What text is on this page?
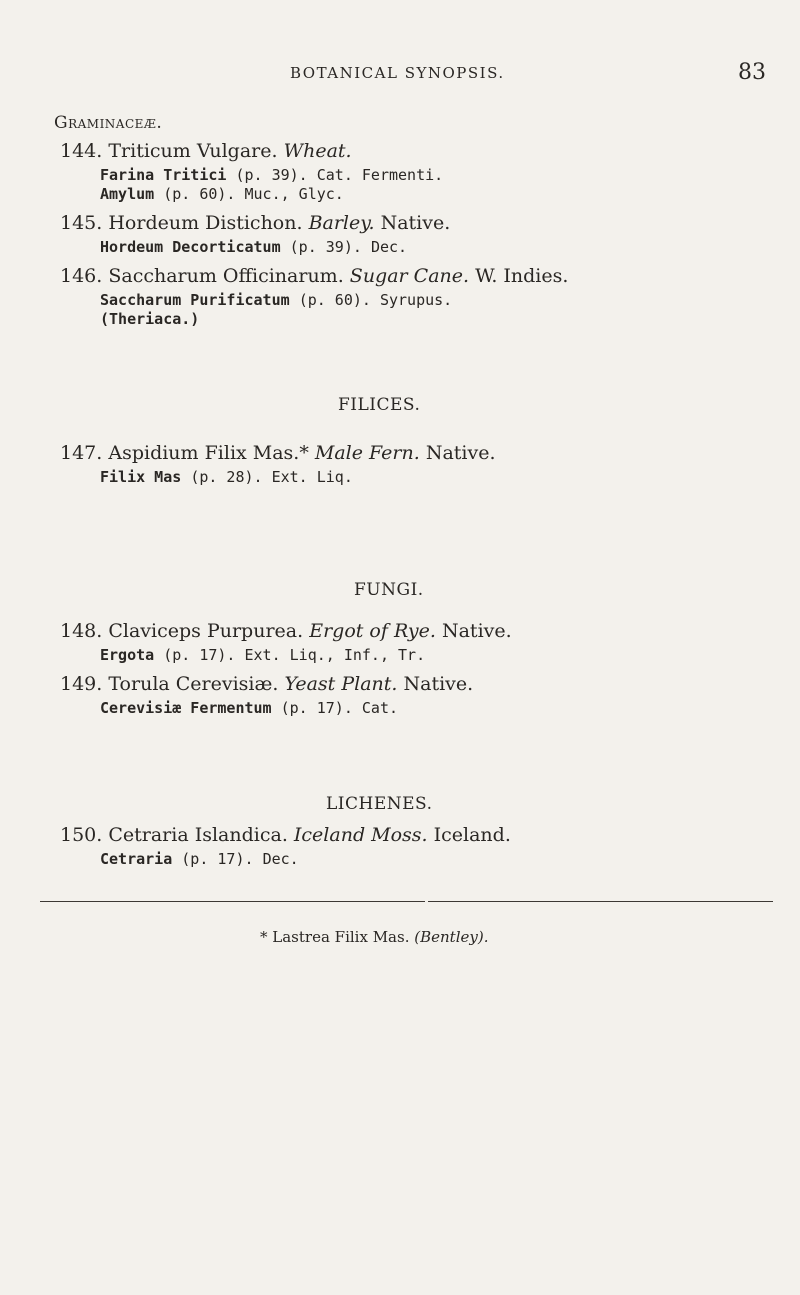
BOTANICAL SYNOPSIS.	83
Graminaceæ.
144. Triticum Vulgare. Wheat.
Farina Tritici (p. 39). Cat. Fermenti.
Amylum (p. 60). Muc., Glyc.
145. Hordeum Distichon. Barley. Native.
Hordeum Decorticatum (p. 39). Dec.
146. Saccharum Officinarum. Sugar Cane. W. Indies.
Saccharum Purificatum (p. 60). Syrupus.
(Theriaca.)
FILICES.
147. Aspidium Filix Mas.* Male Fern. Native.
Filix Mas (p. 28). Ext. Liq.
FUNGI.
148. Claviceps Purpurea. Ergot of Rye. Native.
Ergota (p. 17). Ext. Liq., Inf., Tr.
149. Torula Cerevisiæ. Yeast Plant. Native.
Cerevisiæ Fermentum (p. 17). Cat.
LICHENES.
150. Cetraria Islandica. Iceland Moss. Iceland.
Cetraria (p. 17). Dec.
* Lastrea Filix Mas. (Bentley).
